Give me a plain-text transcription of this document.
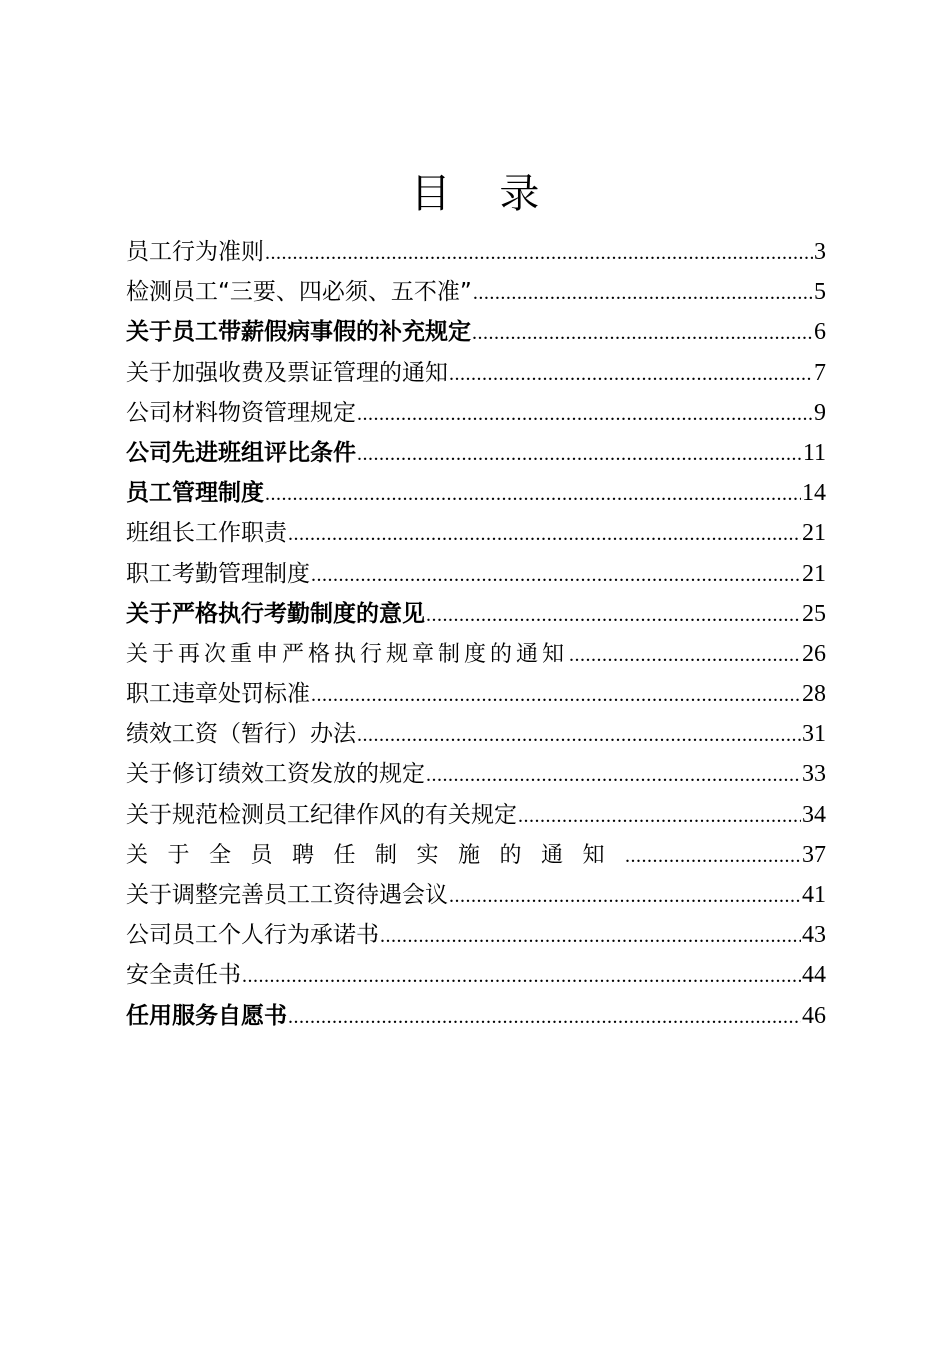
目 录
员工行为准则 .....	3
检测员工“三要、四必须、五不准” .....	5
关于员工带薪假病事假的补充规定 .....	6
关于加强收费及票证管理的通知 .....	7
公司材料物资管理规定 .....	9
公司先进班组评比条件 .....	11
员工管理制度 .....	14
班组长工作职责 .....	21
职工考勤管理制度 .....	21
关于严格执行考勤制度的意见 .....	25
关于再次重申严格执行规章制度的通知 .....	26
职工违章处罚标准 .....	28
绩效工资（暂行）办法 .....	31
关于修订绩效工资发放的规定 .....	33
关于规范检测员工纪律作风的有关规定 .....	34
关于全员聘任制实施的通知 .....	37
关于调整完善员工工资待遇会议 .....	41
公司员工个人行为承诺书 .....	43
安全责任书 .....	44
任用服务自愿书 .....	46
